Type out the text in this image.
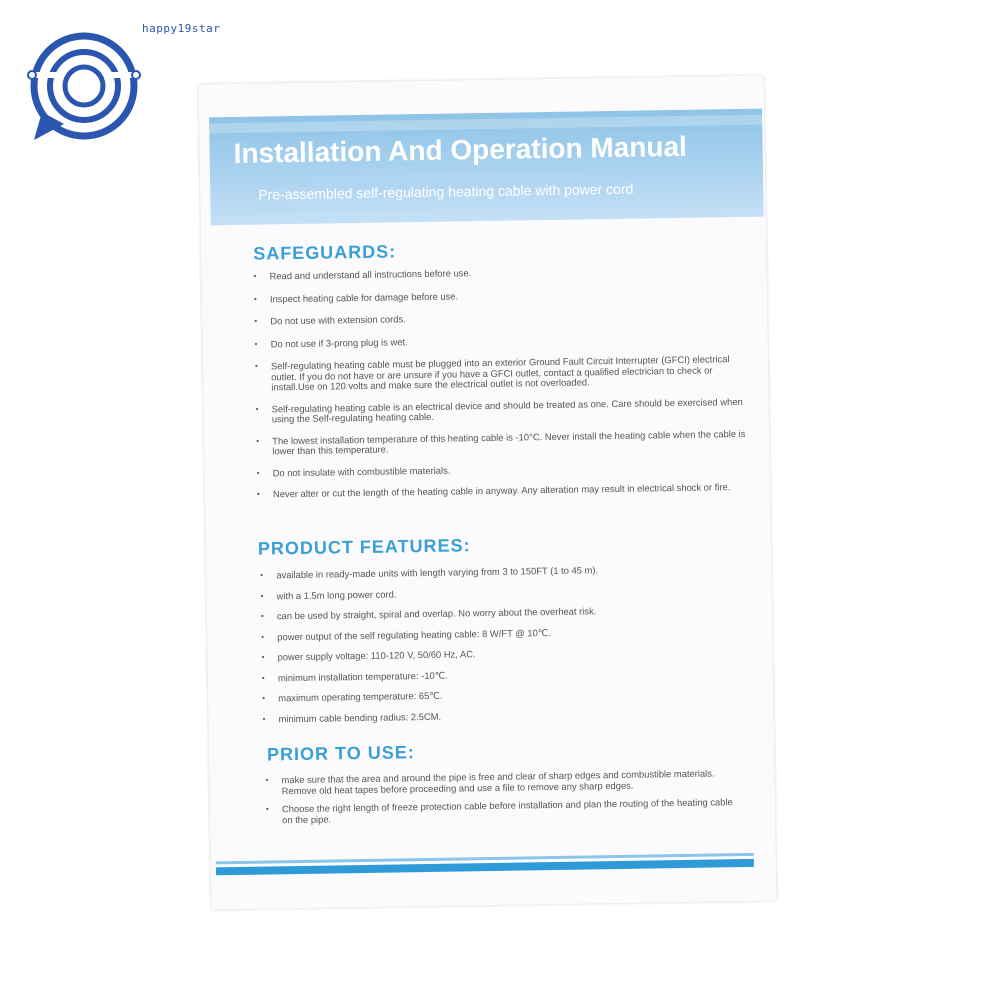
happy19star
Installation And Operation Manual
Pre-assembled self-regulating heating cable with power cord
SAFEGUARDS:
• Read and understand all instructions before use.
• Inspect heating cable for damage before use.
• Do not use with extension cords.
• Do not use if 3-prong plug is wet.
• Self-regulating heating cable must be plugged into an exterior Ground Fault Circuit Interrupter (GFCI) electrical outlet. If you do not have or are unsure if you have a GFCI outlet, contact a qualified electrician to check or install.Use on 120 volts and make sure the electrical outlet is not overloaded.
• Self-regulating heating cable is an electrical device and should be treated as one. Care should be exercised when using the Self-regulating heating cable.
• The lowest installation temperature of this heating cable is -10°C. Never install the heating cable when the cable is lower than this temperature.
• Do not insulate with combustible materials.
• Never alter or cut the length of the heating cable in anyway. Any alteration may result in electrical shock or fire.
PRODUCT FEATURES:
• available in ready-made units with length varying from 3 to 150FT (1 to 45 m).
• with a 1.5m long power cord.
• can be used by straight, spiral and overlap. No worry about the overheat risk.
• power output of the self regulating heating cable: 8 W/FT @ 10℃.
• power supply voltage: 110-120 V, 50/60 Hz, AC.
• minimum installation temperature: -10℃.
• maximum operating temperature: 65℃.
• minimum cable bending radius: 2.5CM.
PRIOR TO USE:
• make sure that the area and around the pipe is free and clear of sharp edges and combustible materials. Remove old heat tapes before proceeding and use a file to remove any sharp edges.
• Choose the right length of freeze protection cable before installation and plan the routing of the heating cable on the pipe.
